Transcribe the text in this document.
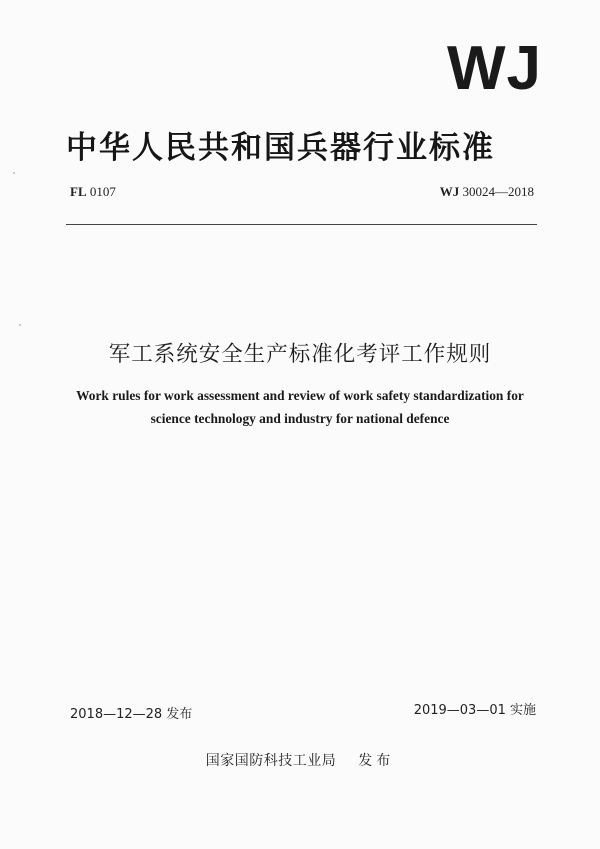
WJ
中华人民共和国兵器行业标准
FL 0107	WJ 30024—2018
军工系统安全生产标准化考评工作规则
Work rules for work assessment and review of work safety standardization for
science technology and industry for national defence
2018—12—28 发布	2019—03—01 实施
国家国防科技工业局 发布
